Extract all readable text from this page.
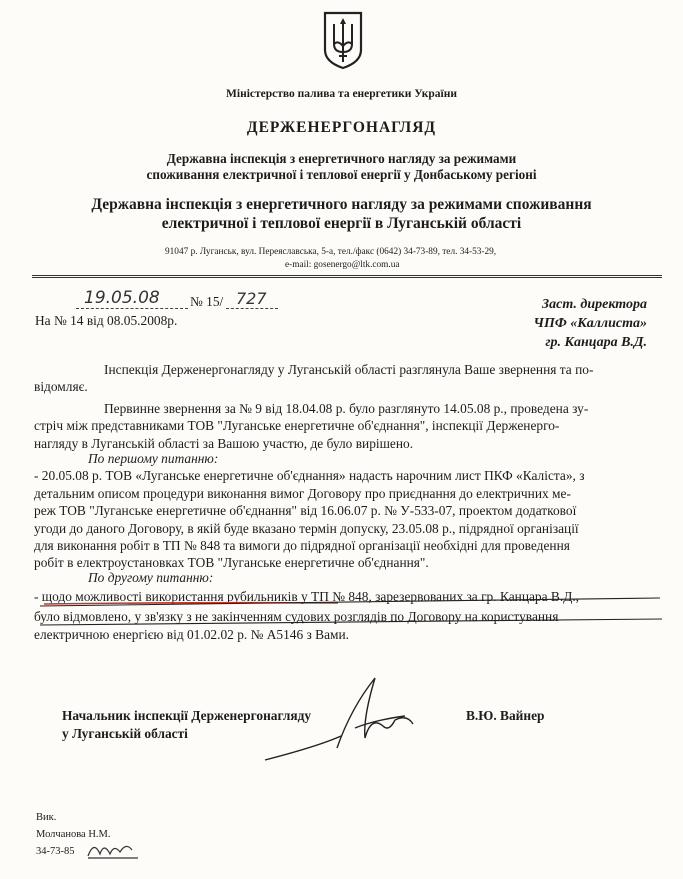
Міністерство палива та енергетики України
ДЕРЖЕНЕРГОНАГЛЯД
Державна інспекція з енергетичного нагляду за режимами
споживання електричної і теплової енергії у Донбаському регіоні
Державна інспекція з енергетичного нагляду за режимами споживання
електричної і теплової енергії в Луганській області
91047 р. Луганськ, вул. Переяславська, 5-а, тел./факс (0642) 34-73-89, тел. 34-53-29,
e-mail: gosenergo@ltk.com.ua
19.05.08 № 15/ 727
На № 14 від 08.05.2008р.
Заст. директора
ЧПФ «Каллиста»
гр. Канцара В.Д.

Інспекція Держенергонагляду у Луганській області разглянула Ваше звернення та по-

відомляє.

Первинне звернення за № 9 від 18.04.08 р. було разглянуто 14.05.08 р., проведена зу-

стріч між представниками ТОВ "Луганське енергетичне об'єднання", інспекції Держенерго-

нагляду в Луганській області за Вашою участю, де було вирішено.

По першому питанню:

- 20.05.08 р. ТОВ «Луганське енергетичне об'єднання» надасть нарочним лист ПКФ «Каліста», з

детальним описом процедури виконання вимог Договору про приєднання до електричних ме-

реж ТОВ "Луганське енергетичне об'єднання" від 16.06.07 р. № У-533-07, проектом додаткової

угоди до даного Договору, в якій буде вказано термін допуску, 23.05.08 р., підрядної організації

для виконання робіт в ТП № 848 та вимоги до підрядної організації необхідні для проведення

робіт в електроустановках ТОВ "Луганське енергетичне об'єднання".

По другому питанню:

- щодо можливості використання рубильників у ТП № 848, зарезервованих за гр. Канцара В.Д.,

було відмовлено, у зв'язку з не закінченням судових розглядів по Договору на користування

електричною енергією від 01.02.02 р. № А5146 з Вами.

Начальник інспекції Держенергонагляду
у Луганській області
В.Ю. Вайнер
Вик.
Молчанова Н.М.
34-73-85
